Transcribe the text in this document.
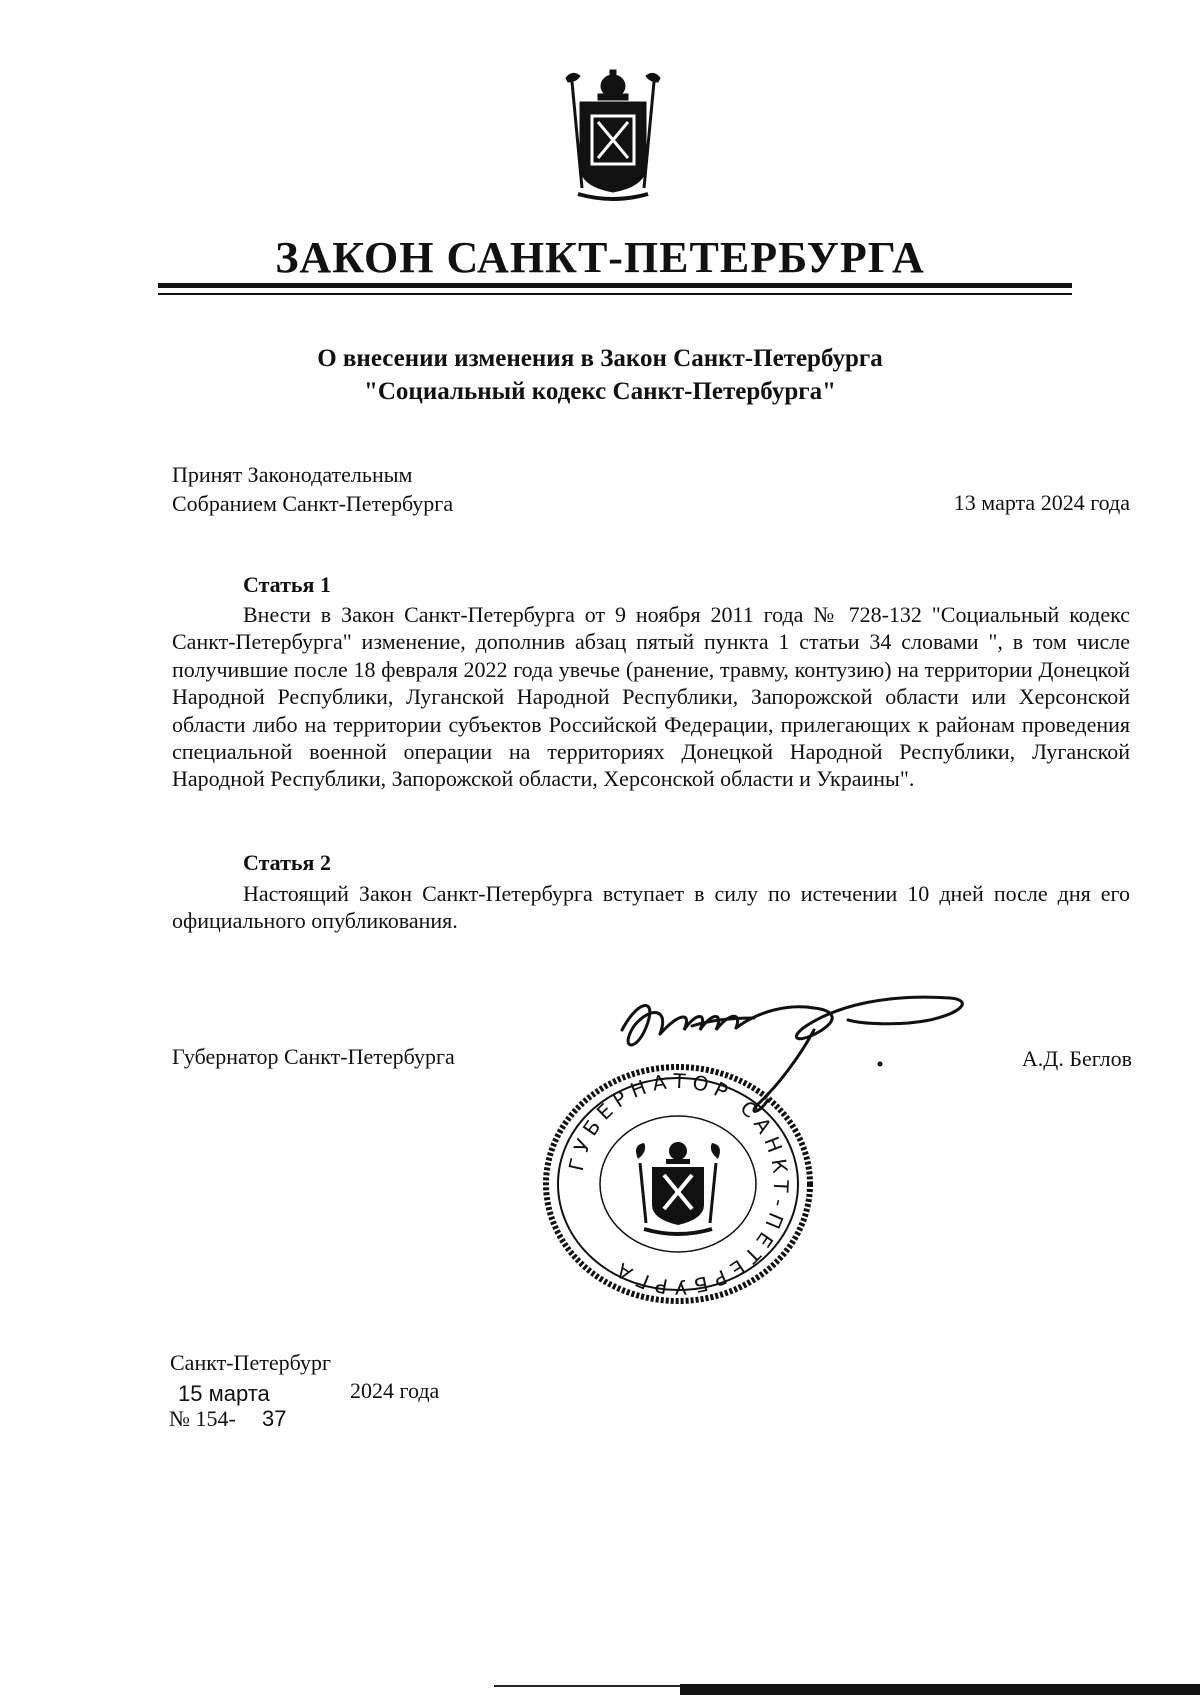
ЗАКОН САНКТ-ПЕТЕРБУРГА
О внесении изменения в Закон Санкт-Петербурга
"Социальный кодекс Санкт-Петербурга"
Принят Законодательным
Собранием Санкт-Петербурга	13 марта 2024 года
Статья 1
Внести в Закон Санкт-Петербурга от 9 ноября 2011 года № 728-132 "Социальный кодекс Санкт-Петербурга" изменение, дополнив абзац пятый пункта 1 статьи 34 словами ", в том числе получившие после 18 февраля 2022 года увечье (ранение, травму, контузию) на территории Донецкой Народной Республики, Луганской Народной Республики, Запорожской области или Херсонской области либо на территории субъектов Российской Федерации, прилегающих к районам проведения специальной военной операции на территориях Донецкой Народной Республики, Луганской Народной Республики, Запорожской области, Херсонской области и Украины".
Статья 2
Настоящий Закон Санкт-Петербурга вступает в силу по истечении 10 дней после дня его официального опубликования.
Губернатор Санкт-Петербурга	А.Д. Беглов
ГУБЕРНАТОР САНКТ-ПЕТЕРБУРГА
Санкт-Петербург
15 марта	2024 года
№ 154- 37
